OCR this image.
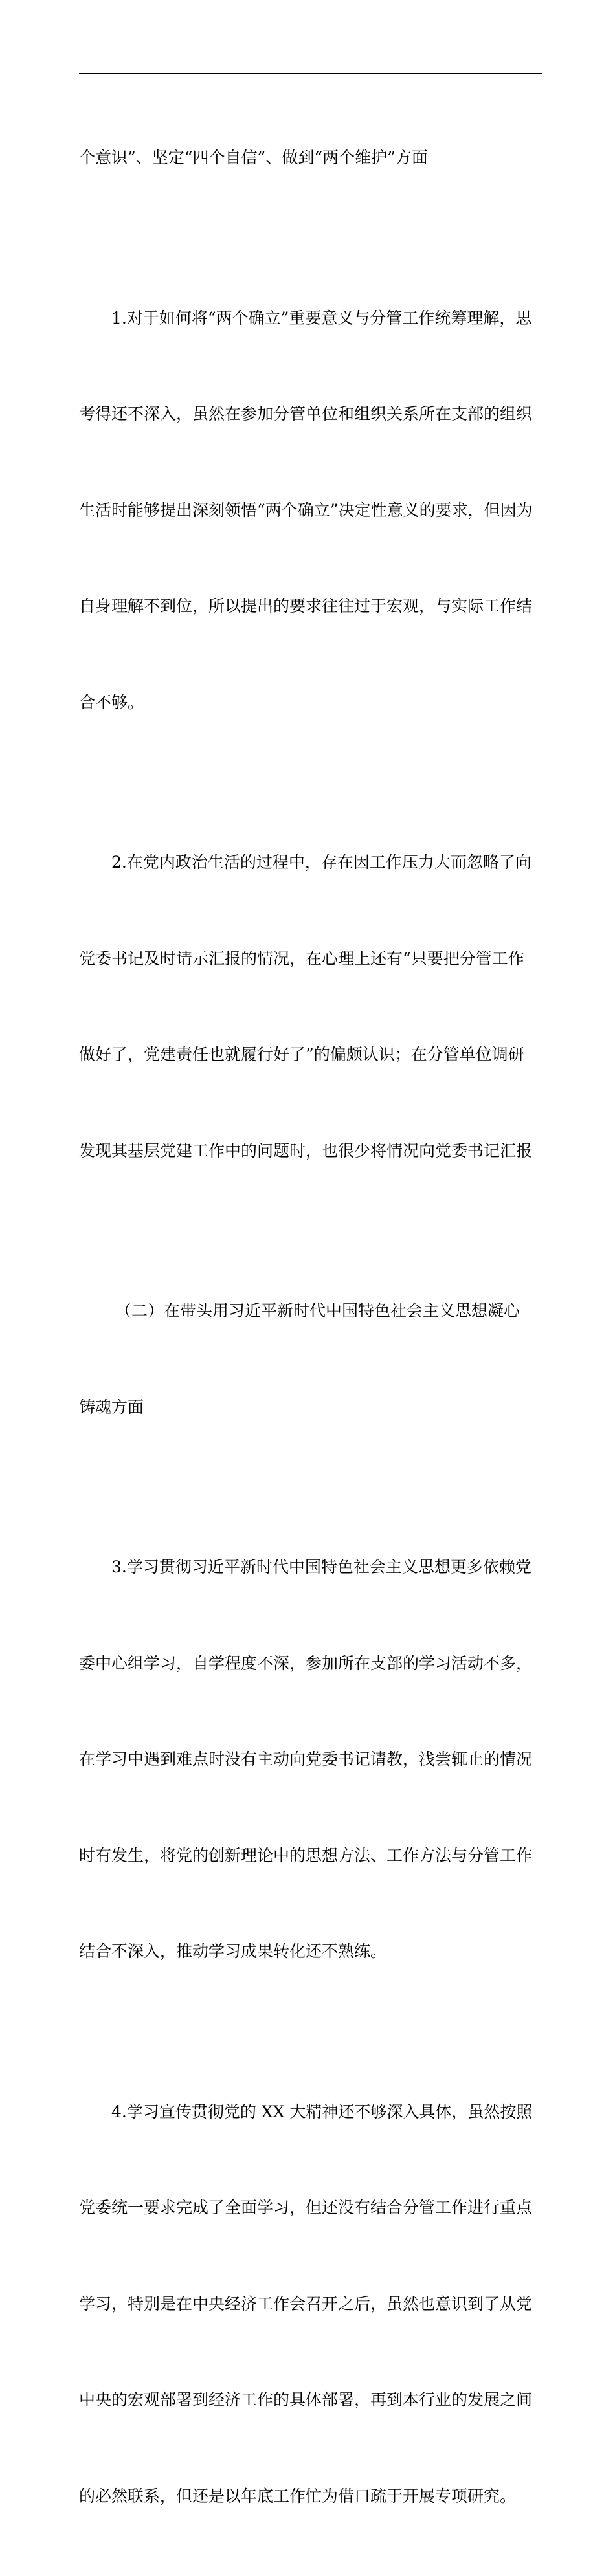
个意识”、坚定“四个自信”、做到“两个维护”方面

1.对于如何将“两个确立”重要意义与分管工作统筹理解，思

考得还不深入，虽然在参加分管单位和组织关系所在支部的组织

生活时能够提出深刻领悟“两个确立”决定性意义的要求，但因为

自身理解不到位，所以提出的要求往往过于宏观，与实际工作结

合不够。

2.在党内政治生活的过程中，存在因工作压力大而忽略了向

党委书记及时请示汇报的情况，在心理上还有“只要把分管工作

做好了，党建责任也就履行好了”的偏颇认识；在分管单位调研

发现其基层党建工作中的问题时，也很少将情况向党委书记汇报

（二）在带头用习近平新时代中国特色社会主义思想凝心

铸魂方面

3.学习贯彻习近平新时代中国特色社会主义思想更多依赖党

委中心组学习，自学程度不深，参加所在支部的学习活动不多，

在学习中遇到难点时没有主动向党委书记请教，浅尝辄止的情况

时有发生，将党的创新理论中的思想方法、工作方法与分管工作

结合不深入，推动学习成果转化还不熟练。

4.学习宣传贯彻党的 XX 大精神还不够深入具体，虽然按照

党委统一要求完成了全面学习，但还没有结合分管工作进行重点

学习，特别是在中央经济工作会召开之后，虽然也意识到了从党

中央的宏观部署到经济工作的具体部署，再到本行业的发展之间

的必然联系，但还是以年底工作忙为借口疏于开展专项研究。
